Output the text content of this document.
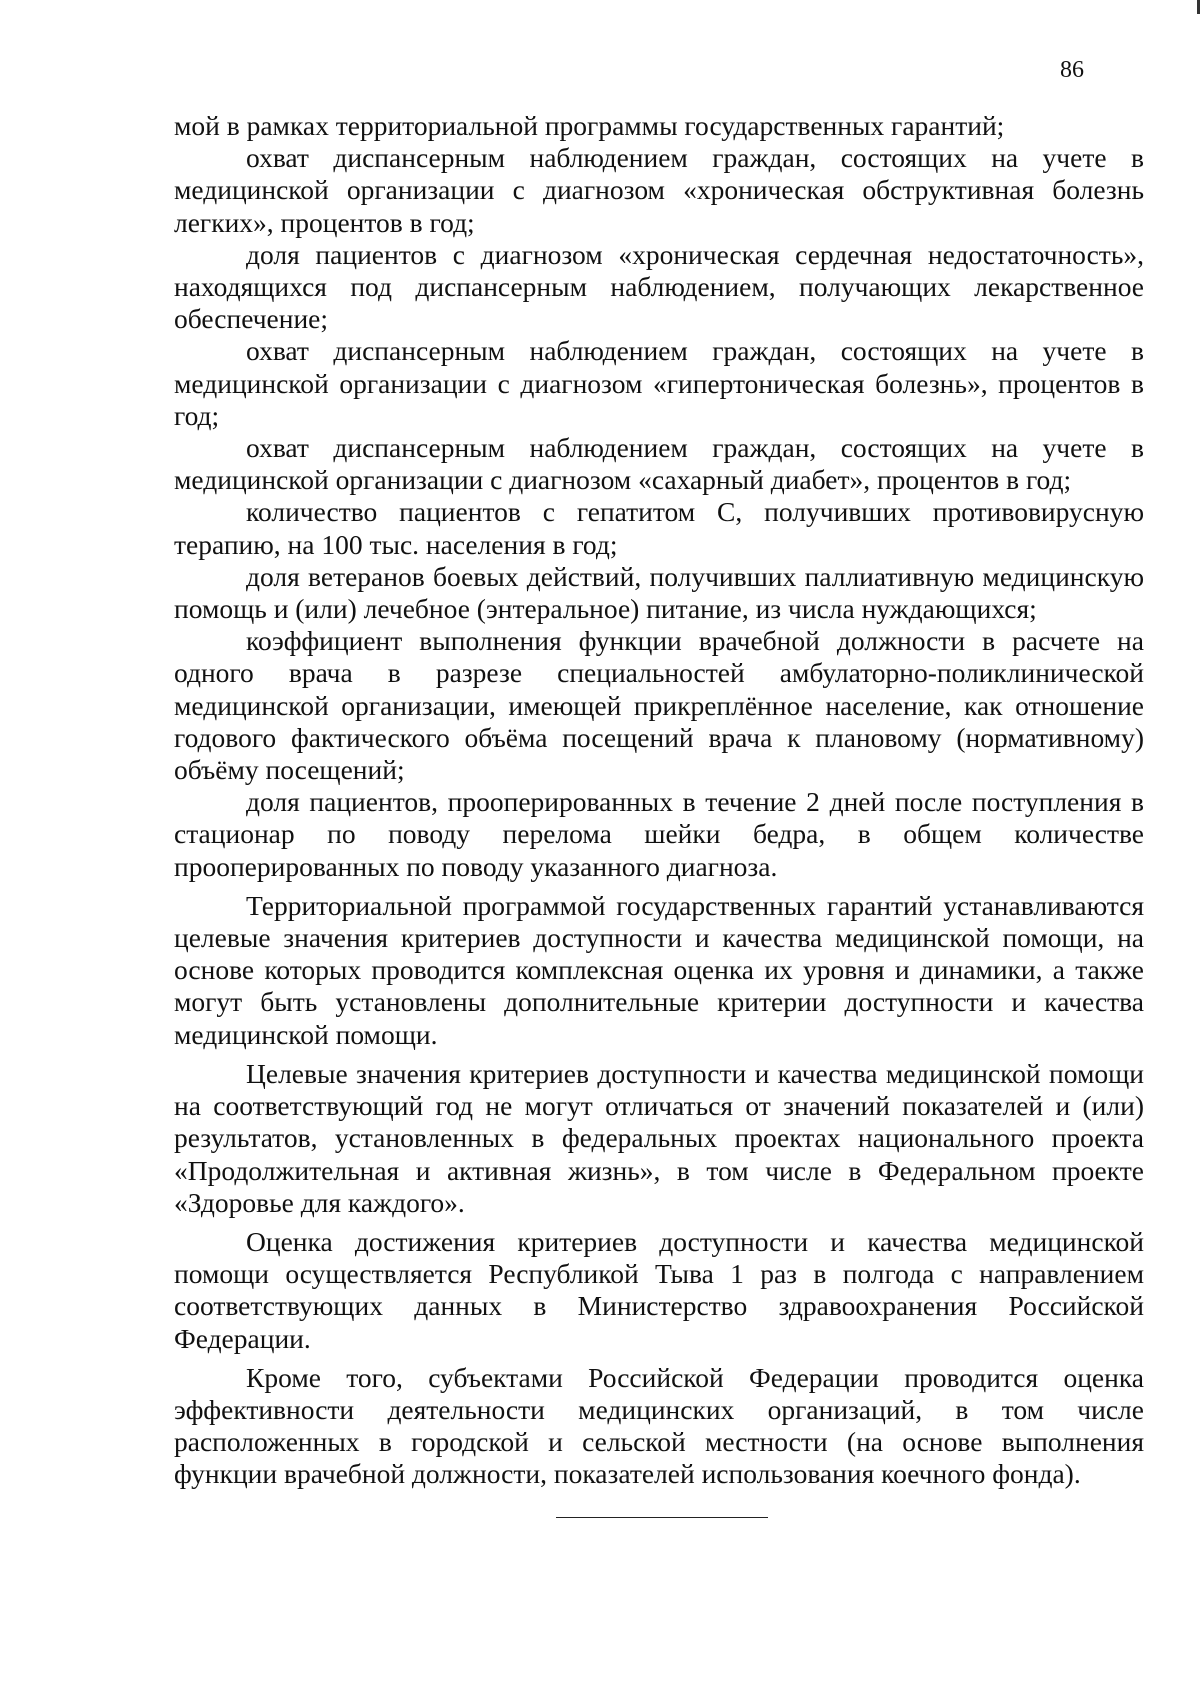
86

мой в рамках территориальной программы государственных гарантий;

охват диспансерным наблюдением граждан, состоящих на учете в медицинской организации с диагнозом «хроническая обструктивная болезнь легких», процентов в год;

доля пациентов с диагнозом «хроническая сердечная недостаточность», находящихся под диспансерным наблюдением, получающих лекарственное обеспечение;

охват диспансерным наблюдением граждан, состоящих на учете в медицинской организации с диагнозом «гипертоническая болезнь», процентов в год;

охват диспансерным наблюдением граждан, состоящих на учете в медицинской организации с диагнозом «сахарный диабет», процентов в год;

количество пациентов с гепатитом C, получивших противовирусную терапию, на 100 тыс. населения в год;

доля ветеранов боевых действий, получивших паллиативную медицинскую помощь и (или) лечебное (энтеральное) питание, из числа нуждающихся;

коэффициент выполнения функции врачебной должности в расчете на одного врача в разрезе специальностей амбулаторно-поликлинической медицинской организации, имеющей прикреплённое население, как отношение годового фактического объёма посещений врача к плановому (нормативному) объёму посещений;

доля пациентов, прооперированных в течение 2 дней после поступления в стационар по поводу перелома шейки бедра, в общем количестве прооперированных по поводу указанного диагноза.

Территориальной программой государственных гарантий устанавливаются целевые значения критериев доступности и качества медицинской помощи, на основе которых проводится комплексная оценка их уровня и динамики, а также могут быть установлены дополнительные критерии доступности и качества медицинской помощи.

Целевые значения критериев доступности и качества медицинской помощи на соответствующий год не могут отличаться от значений показателей и (или) результатов, установленных в федеральных проектах национального проекта «Продолжительная и активная жизнь», в том числе в Федеральном проекте «Здоровье для каждого».

Оценка достижения критериев доступности и качества медицинской помощи осуществляется Республикой Тыва 1 раз в полгода с направлением соответствующих данных в Министерство здравоохранения Российской Федерации.

Кроме того, субъектами Российской Федерации проводится оценка эффективности деятельности медицинских организаций, в том числе расположенных в городской и сельской местности (на основе выполнения функции врачебной должности, показателей использования коечного фонда).
